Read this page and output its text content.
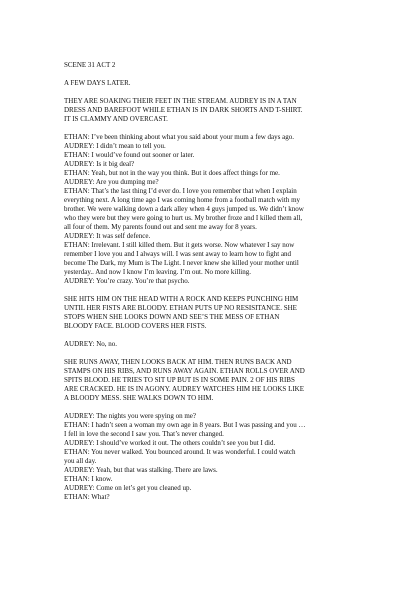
SCENE 31 ACT 2

A FEW DAYS LATER.

THEY ARE SOAKING THEIR FEET IN THE STREAM. AUDREY IS IN A TAN

DRESS AND BAREFOOT WHILE ETHAN IS IN DARK SHORTS AND T-SHIRT.

IT IS CLAMMY AND OVERCAST.

ETHAN: I’ve been thinking about what you said about your mum a few days ago.

AUDREY: I didn’t mean to tell you.

ETHAN: I would’ve found out sooner or later.

AUDREY: Is it big deal?

ETHAN: Yeah, but not in the way you think. But it does affect things for me.

AUDREY: Are you dumping me?

ETHAN: That’s the last thing I’d ever do. I love you remember that when I explain

everything next. A long time ago I was coming home from a football match with my

brother. We were walking down a dark alley when 4 guys jumped us. We didn’t know

who they were but they were going to hurt us. My brother froze and I killed them all,

all four of them. My parents found out and sent me away for 8 years.

AUDREY: It was self defence.

ETHAN: Irrelevant. I still killed them. But it gets worse. Now whatever I say now

remember I love you and I always will. I was sent away to learn how to fight and

become The Dark, my Mum is The Light. I never knew she killed your mother until

yesterday.. And now I know I’m leaving. I’m out. No more killing.

AUDREY: You’re crazy. You’re that psycho.

SHE HITS HIM ON THE HEAD WITH A ROCK AND KEEPS PUNCHING HIM

UNTIL HER FISTS ARE BLOODY. ETHAN PUTS UP NO RESISITANCE. SHE

STOPS WHEN SHE LOOKS DOWN AND SEE’S THE MESS OF ETHAN

BLOODY FACE. BLOOD COVERS HER FISTS.

AUDREY: No, no.

SHE RUNS AWAY, THEN LOOKS BACK AT HIM. THEN RUNS BACK AND

STAMPS ON HIS RIBS, AND RUNS AWAY AGAIN. ETHAN ROLLS OVER AND

SPITS BLOOD. HE TRIES TO SIT UP BUT IS IN SOME PAIN. 2 OF HIS RIBS

ARE CRACKED. HE IS IN AGONY. AUDREY WATCHES HIM HE LOOKS LIKE

A BLOODY MESS. SHE WALKS DOWN TO HIM.

AUDREY: The nights you were spying on me?

ETHAN: I hadn’t seen a woman my own age in 8 years. But I was passing and you …

I fell in love the second I saw you. That’s never changed.

AUDREY: I should’ve worked it out. The others couldn’t see you but I did.

ETHAN: You never walked. You bounced around. It was wonderful. I could watch

you all day.

AUDREY: Yeah, but that was stalking. There are laws.

ETHAN: I know.

AUDREY: Come on let’s get you cleaned up.

ETHAN: What?
